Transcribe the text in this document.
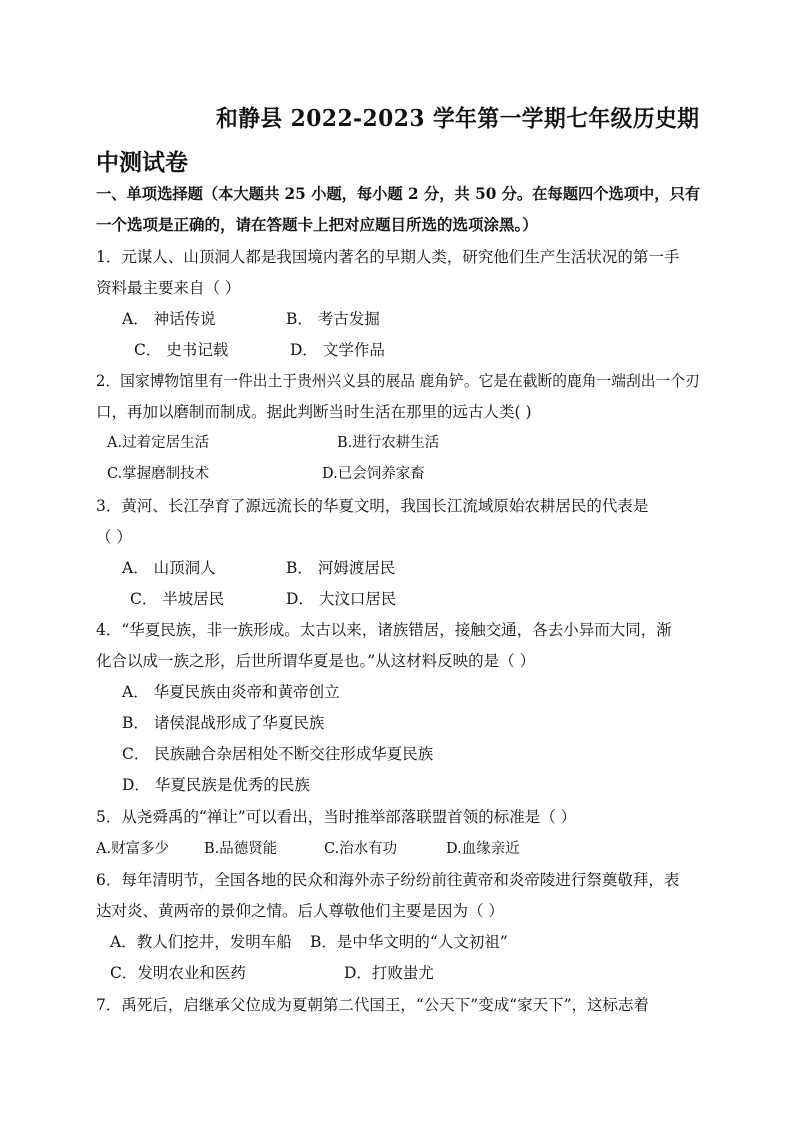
和静县 2022-2023 学年第一学期七年级历史期
中测试卷
一、单项选择题（本大题共 25 小题，每小题 2 分，共 50 分。在每题四个选项中，只有
一个选项是正确的，请在答题卡上把对应题目所选的选项涂黑。）
1．元谋人、山顶洞人都是我国境内著名的早期人类，研究他们生产生活状况的第一手
资料最主要来自（ ）
A． 神话传说	B． 考古发掘
C． 史书记载	D． 文学作品
2．国家博物馆里有一件出土于贵州兴义县的展品 鹿角铲。它是在截断的鹿角一端刮出一个刃
口，再加以磨制而制成。据此判断当时生活在那里的远古人类( )
A.过着定居生活	B.进行农耕生活
C.掌握磨制技术	D.已会饲养家畜
3．黄河、长江孕育了源远流长的华夏文明，我国长江流域原始农耕居民的代表是
（ ）
A． 山顶洞人	B． 河姆渡居民
C． 半坡居民	D． 大汶口居民
4．“华夏民族，非一族形成。太古以来，诸族错居，接触交通，各去小异而大同，渐
化合以成一族之形，后世所谓华夏是也。”从这材料反映的是（ ）
A． 华夏民族由炎帝和黄帝创立
B． 诸侯混战形成了华夏民族
C． 民族融合杂居相处不断交往形成华夏民族
D． 华夏民族是优秀的民族
5．从尧舜禹的“禅让”可以看出，当时推举部落联盟首领的标准是（ ）
A.财富多少 B.品德贤能	C.治水有功	D.血缘亲近
6．每年清明节，全国各地的民众和海外赤子纷纷前往黄帝和炎帝陵进行祭奠敬拜，表
达对炎、黄两帝的景仰之情。后人尊敬他们主要是因为（ ）
A．教人们挖井，发明车船 B．是中华文明的“人文初祖”
C．发明农业和医药	D．打败蚩尤
7．禹死后，启继承父位成为夏朝第二代国王，“公天下”变成“家天下”，这标志着
